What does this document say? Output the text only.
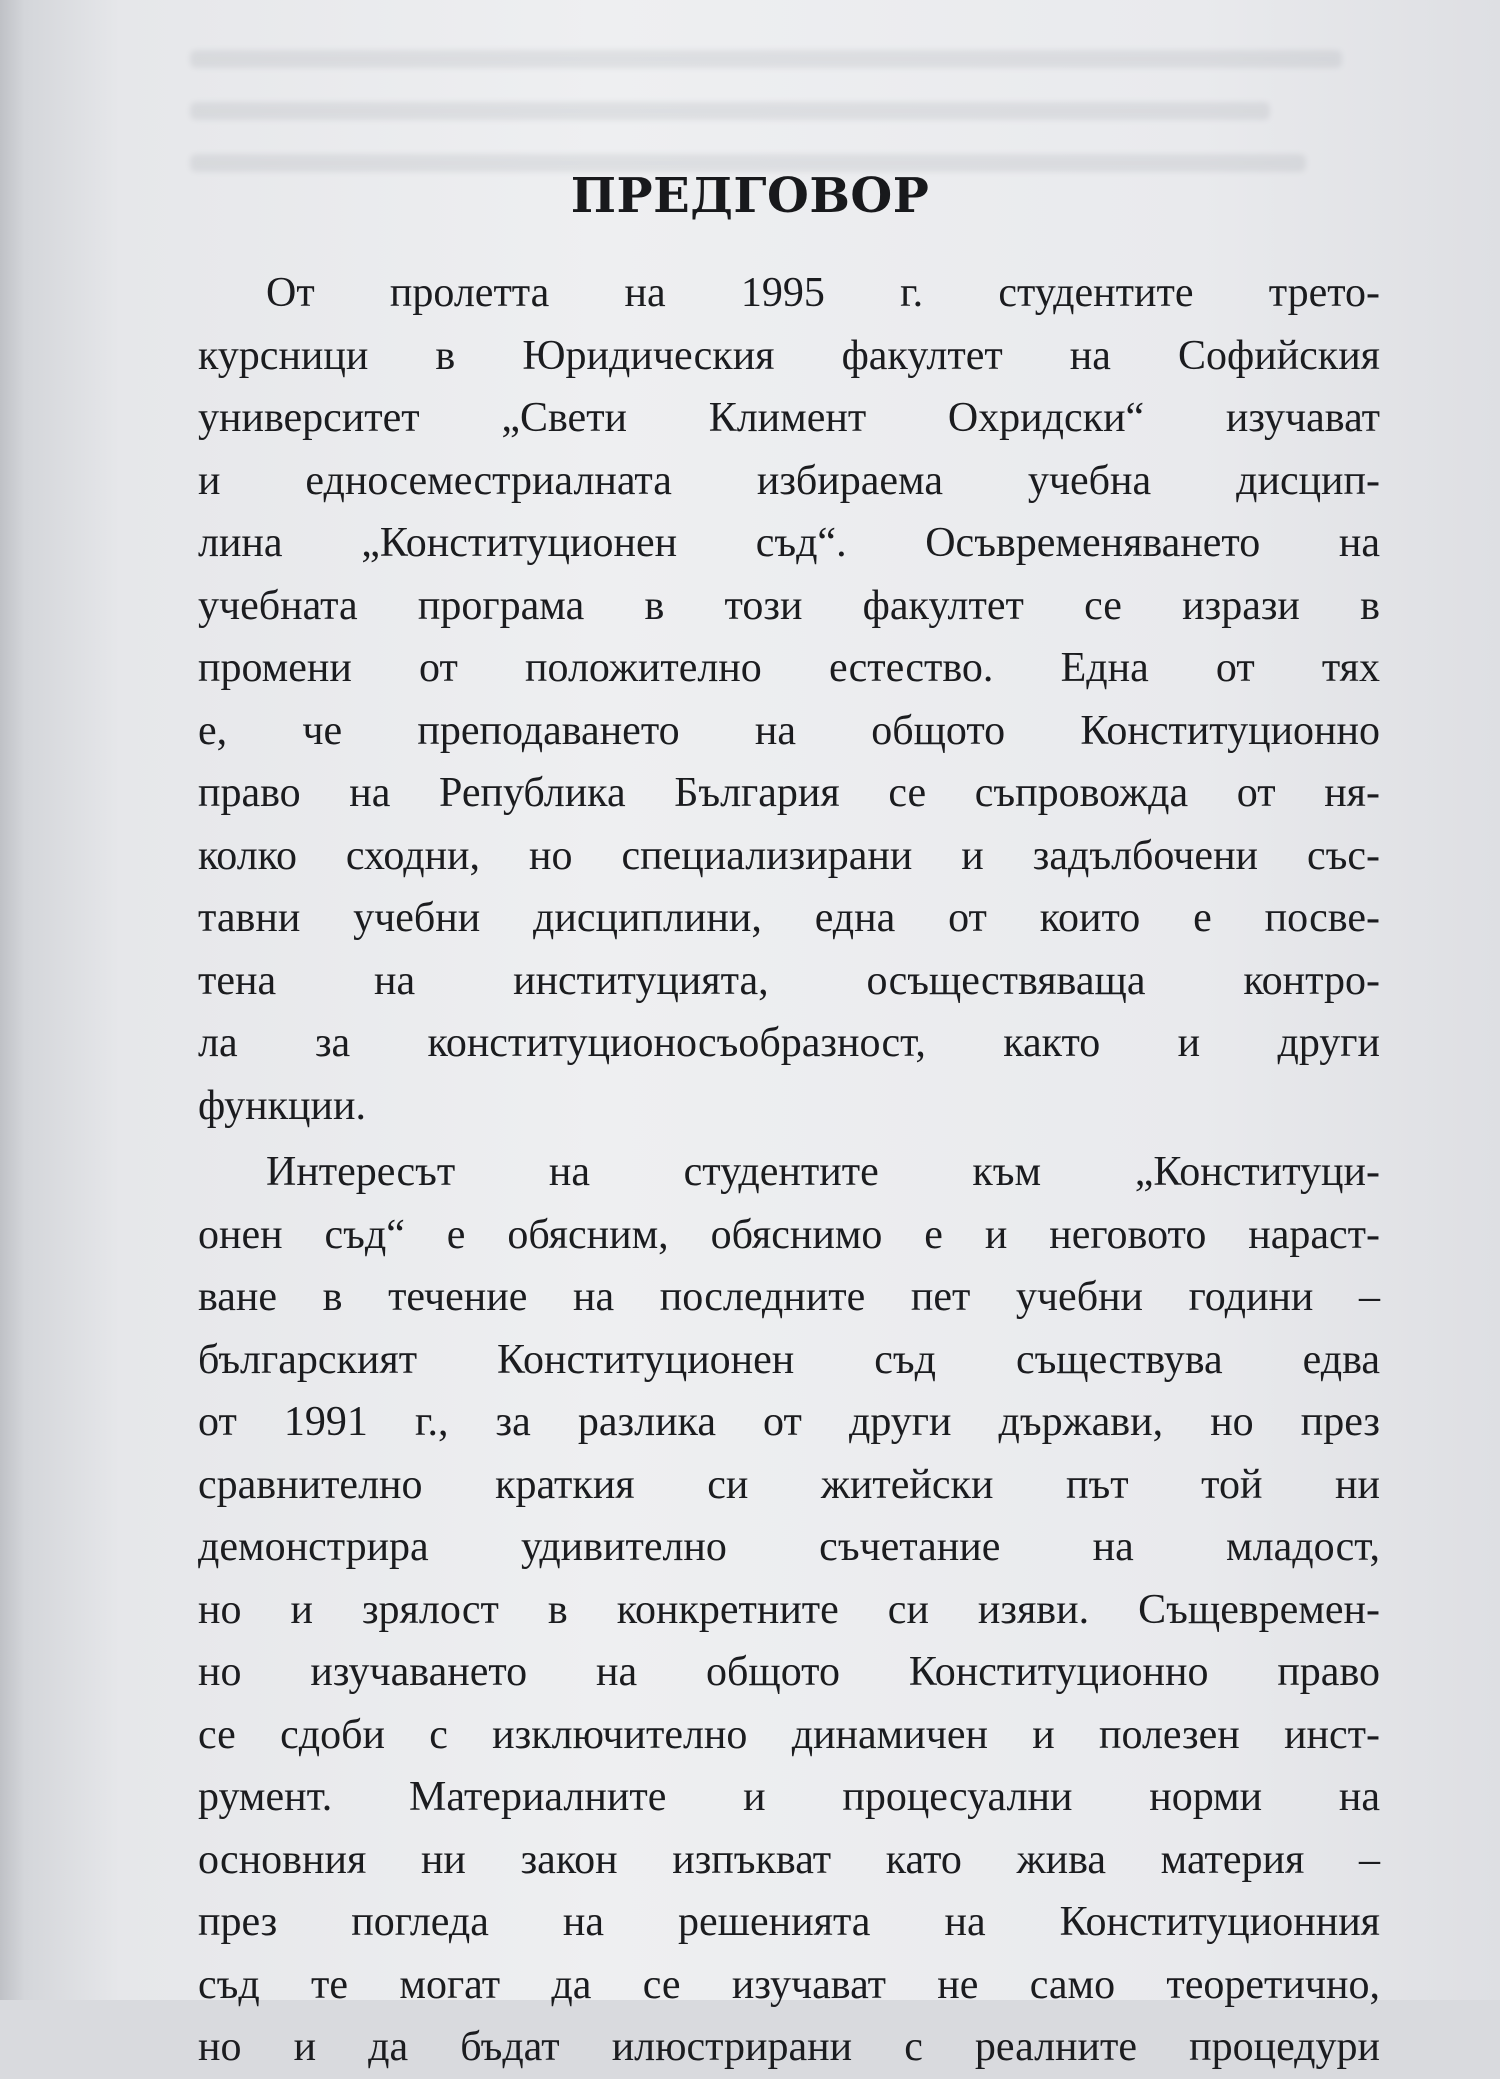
ПРЕДГОВОР
От пролетта на 1995 г. студентите трето-
курсници в Юридическия факултет на Софийския
университет „Свети Климент Охридски“ изучават
и едносеместриалната избираема учебна дисцип-
лина „Конституционен съд“. Осъвременяването на
учебната програма в този факултет се изрази в
промени от положително естество. Една от тях
е, че преподаването на общото Конституционно
право на Република България се съпровожда от ня-
колко сходни, но специализирани и задълбочени със-
тавни учебни дисциплини, една от които е посве-
тена на институцията, осъществяваща контро-
ла за конституционосъобразност, както и други
функции.
Интересът на студентите към „Конституци-
онен съд“ е обясним, обяснимо е и неговото нараст-
ване в течение на последните пет учебни години –
българският Конституционен съд съществува едва
от 1991 г., за разлика от други държави, но през
сравнително краткия си житейски път той ни
демонстрира удивително съчетание на младост,
но и зрялост в конкретните си изяви. Същевремен-
но изучаването на общото Конституционно право
се сдоби с изключително динамичен и полезен инст-
румент. Материалните и процесуални норми на
основния ни закон изпъкват като жива материя –
през погледа на решенията на Конституционния
съд те могат да се изучават не само теоретично,
но и да бъдат илюстрирани с реалните процедури
